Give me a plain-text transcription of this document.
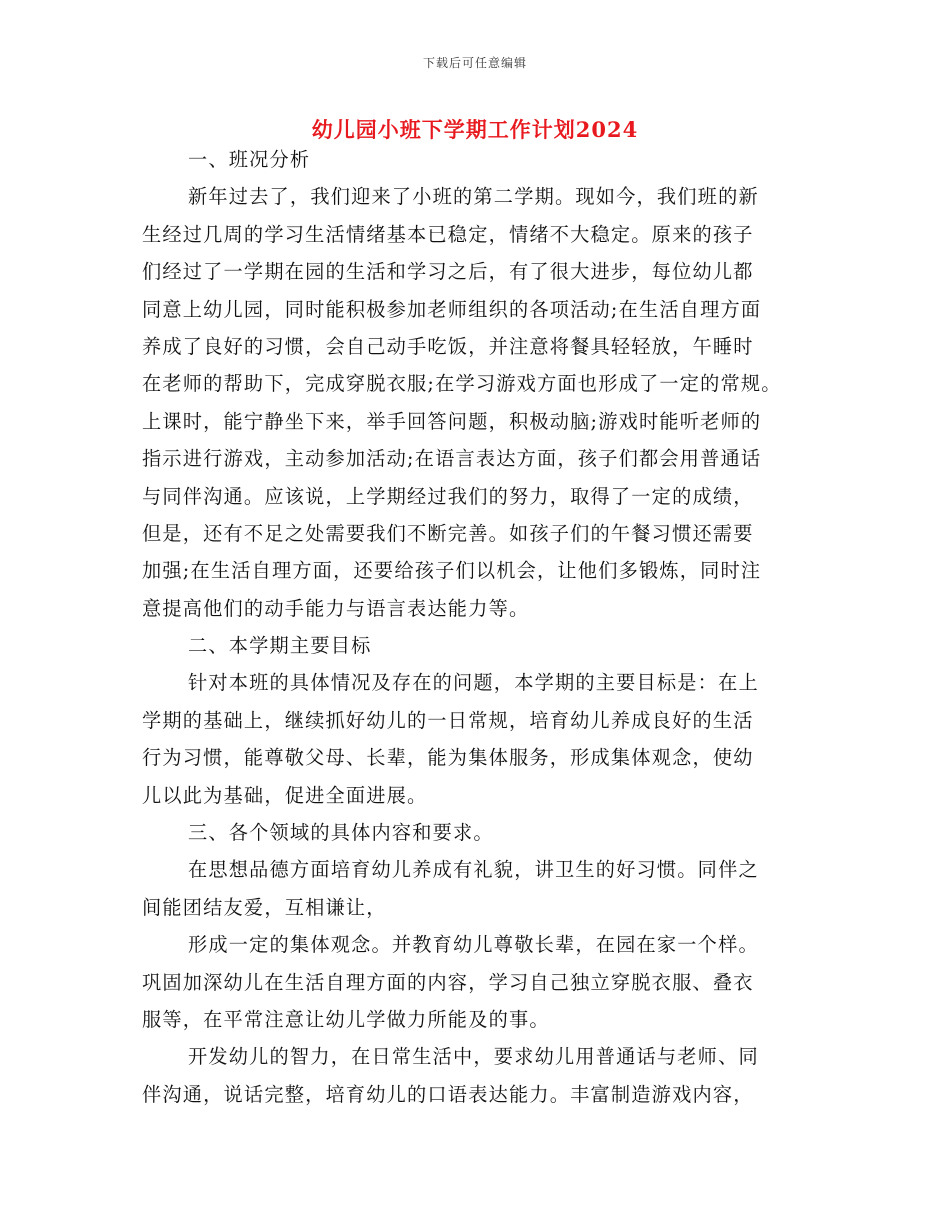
下载后可任意编辑
幼儿园小班下学期工作计划2024
一、班况分析
新年过去了，我们迎来了小班的第二学期。现如今，我们班的新
生经过几周的学习生活情绪基本已稳定，情绪不大稳定。原来的孩子
们经过了一学期在园的生活和学习之后，有了很大进步，每位幼儿都
同意上幼儿园，同时能积极参加老师组织的各项活动;在生活自理方面
养成了良好的习惯，会自己动手吃饭，并注意将餐具轻轻放，午睡时
在老师的帮助下，完成穿脱衣服;在学习游戏方面也形成了一定的常规。
上课时，能宁静坐下来，举手回答问题，积极动脑;游戏时能听老师的
指示进行游戏，主动参加活动;在语言表达方面，孩子们都会用普通话
与同伴沟通。应该说，上学期经过我们的努力，取得了一定的成绩，
但是，还有不足之处需要我们不断完善。如孩子们的午餐习惯还需要
加强;在生活自理方面，还要给孩子们以机会，让他们多锻炼，同时注
意提高他们的动手能力与语言表达能力等。
二、本学期主要目标
针对本班的具体情况及存在的问题，本学期的主要目标是：在上
学期的基础上，继续抓好幼儿的一日常规，培育幼儿养成良好的生活
行为习惯，能尊敬父母、长辈，能为集体服务，形成集体观念，使幼
儿以此为基础，促进全面进展。
三、各个领域的具体内容和要求。
在思想品德方面培育幼儿养成有礼貌，讲卫生的好习惯。同伴之
间能团结友爱，互相谦让，
形成一定的集体观念。并教育幼儿尊敬长辈，在园在家一个样。
巩固加深幼儿在生活自理方面的内容，学习自己独立穿脱衣服、叠衣
服等，在平常注意让幼儿学做力所能及的事。
开发幼儿的智力，在日常生活中，要求幼儿用普通话与老师、同
伴沟通，说话完整，培育幼儿的口语表达能力。丰富制造游戏内容，
